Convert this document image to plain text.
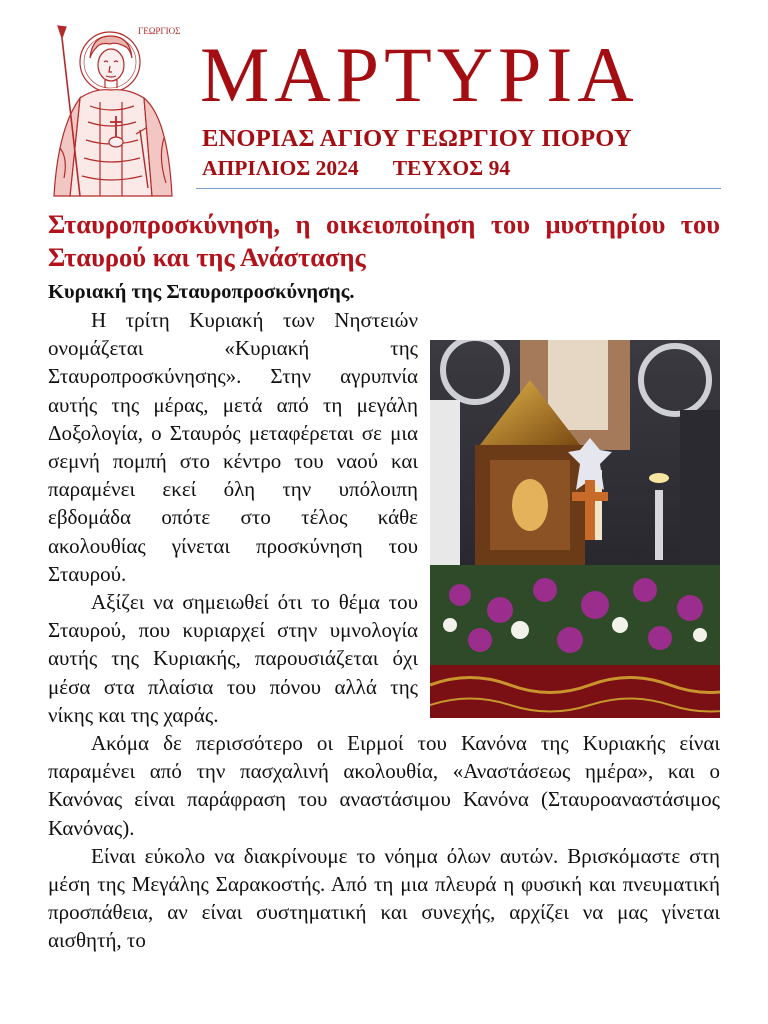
ΓΕΩΡΓΙΟΣ ΜΑΡΤΥΡΙΑ
ΕΝΟΡΙΑΣ ΑΓΙΟΥ ΓΕΩΡΓΙΟΥ ΠΟΡΟΥ
ΑΠΡΙΛΙΟΣ 2024 ΤΕΥΧΟΣ 94
Σταυροπροσκύνηση, η οικειοποίηση του μυστηρίου του Σταυρού και της Ανάστασης
Κυριακή της Σταυροπροσκύνησης.

Η τρίτη Κυριακή των Νηστειών ονομάζεται «Κυριακή της Σταυροπροσκύνησης». Στην αγρυπνία αυτής της μέρας, μετά από τη μεγάλη Δοξολογία, ο Σταυρός μεταφέρεται σε μια σεμνή πομπή στο κέντρο του ναού και παραμένει εκεί όλη την υπόλοιπη εβδομάδα οπότε στο τέλος κάθε ακολουθίας γίνεται προσκύνηση του Σταυρού.

Αξίζει να σημειωθεί ότι το θέμα του Σταυρού, που κυριαρχεί στην υμνολογία αυτής της Κυριακής, παρουσιάζεται όχι μέσα στα πλαίσια του πόνου αλλά της νίκης και της χαράς.

Ακόμα δε περισσότερο οι Ειρμοί του Κανόνα της Κυριακής είναι παραμένει από την πασχαλινή ακολουθία, «Αναστάσεως ημέρα», και ο Κανόνας είναι παράφραση του αναστάσιμου Κανόνα (Σταυροαναστάσιμος Κανόνας).

Είναι εύκολο να διακρίνουμε το νόημα όλων αυτών. Βρισκόμαστε στη μέση της Μεγάλης Σαρακοστής. Από τη μια πλευρά η φυσική και πνευματική προσπάθεια, αν είναι συστηματική και συνεχής, αρχίζει να μας γίνεται αισθητή, το
